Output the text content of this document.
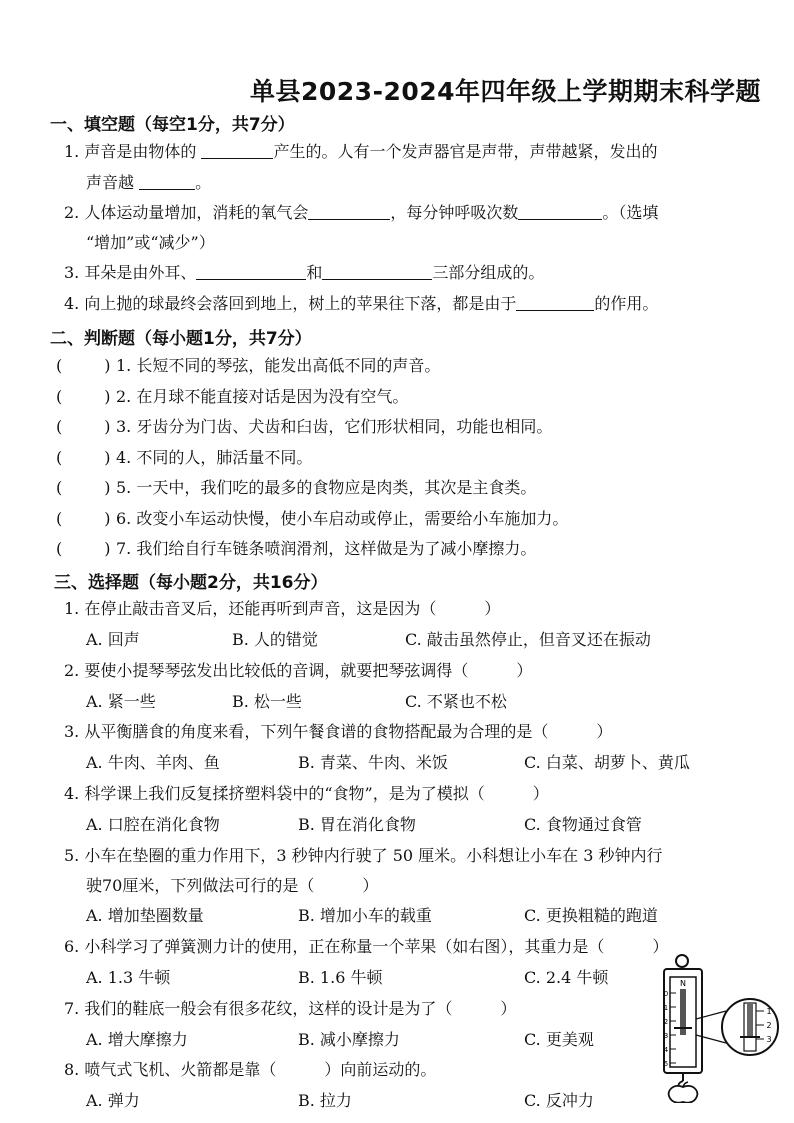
单县2023-2024年四年级上学期期末科学题
一、填空题（每空1分，共7分）
1. 声音是由物体的	产生的。人有一个发声器官是声带，声带越紧，发出的
声音越	。
2. 人体运动量增加，消耗的氧气会	，每分钟呼吸次数	。（选填
“增加”或“减少”）
3. 耳朵是由外耳、	和	三部分组成的。
4. 向上抛的球最终会落回到地上，树上的苹果往下落，都是由于	的作用。
二、判断题（每小题1分，共7分）
(	) 1. 长短不同的琴弦，能发出高低不同的声音。
(	) 2. 在月球不能直接对话是因为没有空气。
(	) 3. 牙齿分为门齿、犬齿和臼齿，它们形状相同，功能也相同。
(	) 4. 不同的人，肺活量不同。
(	) 5. 一天中，我们吃的最多的食物应是肉类，其次是主食类。
(	) 6. 改变小车运动快慢，使小车启动或停止，需要给小车施加力。
(	) 7. 我们给自行车链条喷润滑剂，这样做是为了减小摩擦力。
三、选择题（每小题2分，共16分）
1. 在停止敲击音叉后，还能再听到声音，这是因为（　　　）
A. 回声	B. 人的错觉	C. 敲击虽然停止，但音叉还在振动
2. 要使小提琴琴弦发出比较低的音调，就要把琴弦调得（　　　）
A. 紧一些	B. 松一些	C. 不紧也不松
3. 从平衡膳食的角度来看，下列午餐食谱的食物搭配最为合理的是（　　　）
A. 牛肉、羊肉、鱼	B. 青菜、牛肉、米饭	C. 白菜、胡萝卜、黄瓜
4. 科学课上我们反复揉挤塑料袋中的“食物”，是为了模拟（　　　）
A. 口腔在消化食物	B. 胃在消化食物	C. 食物通过食管
5. 小车在垫圈的重力作用下，3 秒钟内行驶了 50 厘米。小科想让小车在 3 秒钟内行
驶70厘米，下列做法可行的是（　　　）
A. 增加垫圈数量	B. 增加小车的载重	C. 更换粗糙的跑道
6. 小科学习了弹簧测力计的使用，正在称量一个苹果（如右图），其重力是（　　　）
A. 1.3 牛顿	B. 1.6 牛顿	C. 2.4 牛顿
7. 我们的鞋底一般会有很多花纹，这样的设计是为了（　　　）
A. 增大摩擦力	B. 减小摩擦力	C. 更美观
8. 喷气式飞机、火箭都是靠（　　　）向前运动的。
A. 弹力	B. 拉力	C. 反冲力
N
0
1
2
3
4
5
1
2
3
